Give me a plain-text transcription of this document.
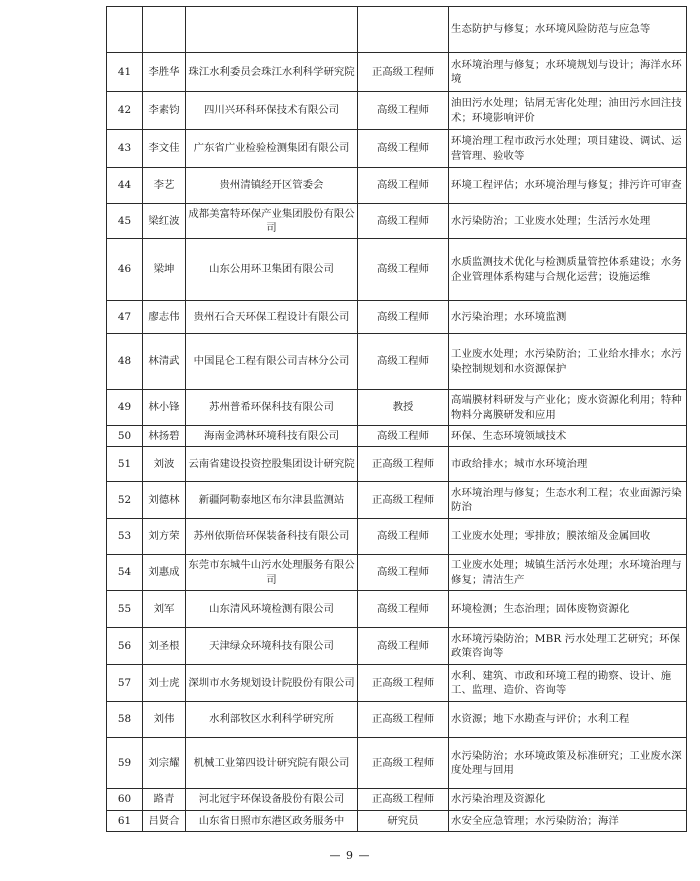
				生态防护与修复；水环境风险防范与应急等
41	李胜华	珠江水利委员会珠江水利科学研究院	正高级工程师	水环境治理与修复；水环境规划与设计；海洋水环境
42	李素钧	四川兴环科环保技术有限公司	高级工程师	油田污水处理；钻屑无害化处理；油田污水回注技术；环境影响评价
43	李文佳	广东省广业检验检测集团有限公司	高级工程师	环境治理工程市政污水处理；项目建设、调试、运营管理、验收等
44	李艺	贵州清镇经开区管委会	高级工程师	环境工程评估；水环境治理与修复；排污许可审查
45	梁红波	成都美富特环保产业集团股份有限公司	高级工程师	水污染防治；工业废水处理；生活污水处理
46	梁坤	山东公用环卫集团有限公司	高级工程师	水质监测技术优化与检测质量管控体系建设；水务企业管理体系构建与合规化运营；设施运维
47	廖志伟	贵州石合天环保工程设计有限公司	高级工程师	水污染治理；水环境监测
48	林清武	中国昆仑工程有限公司吉林分公司	高级工程师	工业废水处理；水污染防治；工业给水排水；水污染控制规划和水资源保护
49	林小锋	苏州普希环保科技有限公司	教授	高端膜材料研发与产业化；废水资源化利用；特种物料分离膜研发和应用
50	林扬碧	海南金鸿林环境科技有限公司	高级工程师	环保、生态环境领域技术
51	刘波	云南省建设投资控股集团设计研究院	正高级工程师	市政给排水；城市水环境治理
52	刘德林	新疆阿勒泰地区布尔津县监测站	正高级工程师	水环境治理与修复；生态水利工程；农业面源污染防治
53	刘方荣	苏州依斯倍环保装备科技有限公司	高级工程师	工业废水处理；零排放；膜浓缩及金属回收
54	刘惠成	东莞市东城牛山污水处理服务有限公司	高级工程师	工业废水处理；城镇生活污水处理；水环境治理与修复；清洁生产
55	刘军	山东清风环境检测有限公司	高级工程师	环境检测；生态治理；固体废物资源化
56	刘圣根	天津绿众环境科技有限公司	高级工程师	水环境污染防治；MBR 污水处理工艺研究；环保政策咨询等
57	刘士虎	深圳市水务规划设计院股份有限公司	正高级工程师	水利、建筑、市政和环境工程的勘察、设计、施工、监理、造价、咨询等
58	刘伟	水利部牧区水利科学研究所	正高级工程师	水资源；地下水勘查与评价；水利工程
59	刘宗耀	机械工业第四设计研究院有限公司	正高级工程师	水污染防治；水环境政策及标准研究；工业废水深度处理与回用
60	路青	河北冠宇环保设备股份有限公司	正高级工程师	水污染治理及资源化
61	吕贤合	山东省日照市东港区政务服务中	研究员	水安全应急管理；水污染防治；海洋
— 9 —
